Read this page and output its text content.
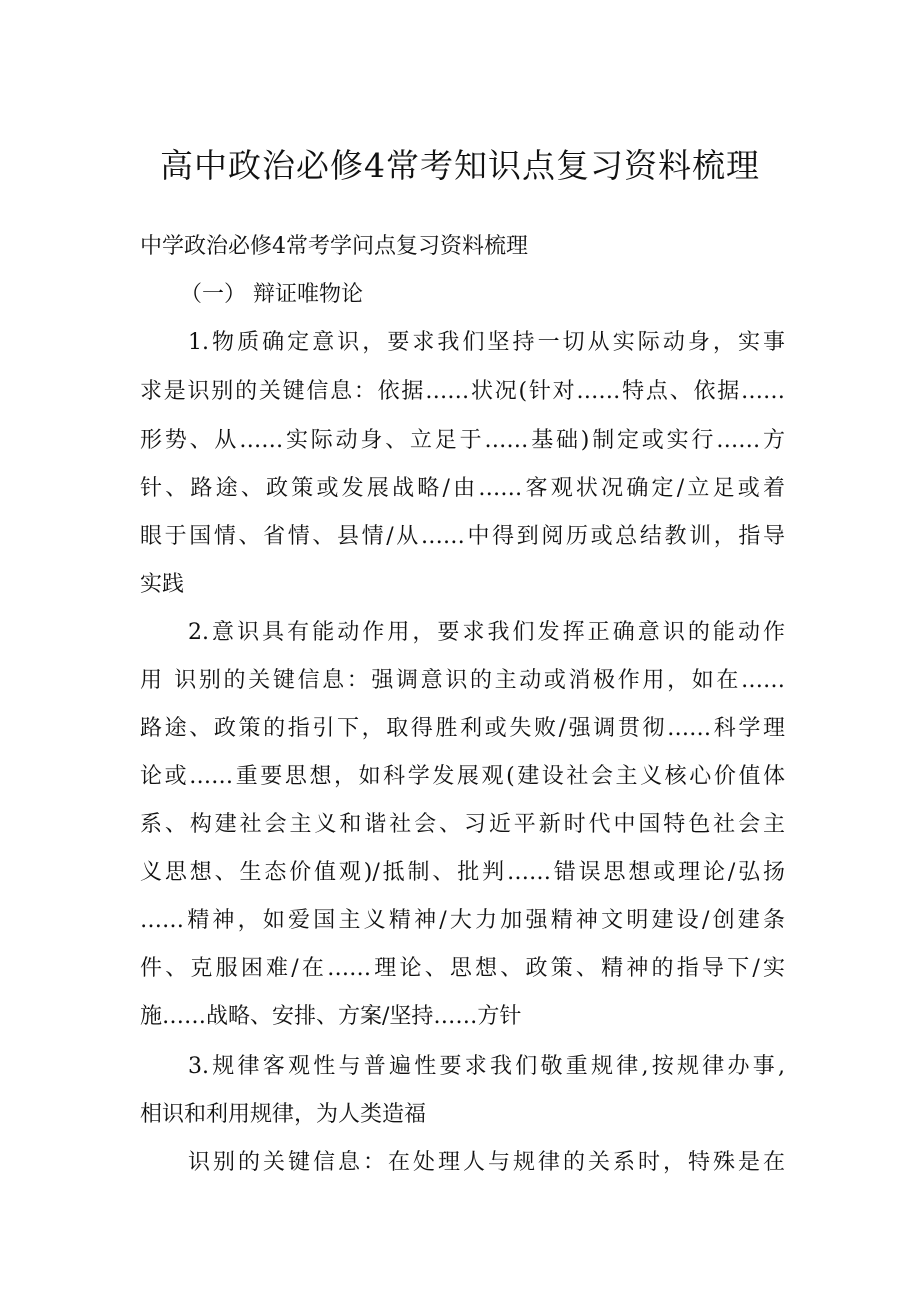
高中政治必修4常考知识点复习资料梳理

中学政治必修4常考学问点复习资料梳理

（一） 辩证唯物论

1.物质确定意识，要求我们坚持一切从实际动身，实事

求是识别的关键信息：依据……状况(针对……特点、依据……

形势、从……实际动身、立足于……基础)制定或实行……方

针、路途、政策或发展战略/由……客观状况确定/立足或着

眼于国情、省情、县情/从……中得到阅历或总结教训，指导

实践

2.意识具有能动作用，要求我们发挥正确意识的能动作

用 识别的关键信息：强调意识的主动或消极作用，如在……

路途、政策的指引下，取得胜利或失败/强调贯彻……科学理

论或……重要思想，如科学发展观(建设社会主义核心价值体

系、构建社会主义和谐社会、习近平新时代中国特色社会主

义思想、生态价值观)/抵制、批判……错误思想或理论/弘扬

……精神，如爱国主义精神/大力加强精神文明建设/创建条

件、克服困难/在……理论、思想、政策、精神的指导下/实

施……战略、安排、方案/坚持……方针

3.规律客观性与普遍性要求我们敬重规律,按规律办事,

相识和利用规律，为人类造福

识别的关键信息：在处理人与规律的关系时，特殊是在
